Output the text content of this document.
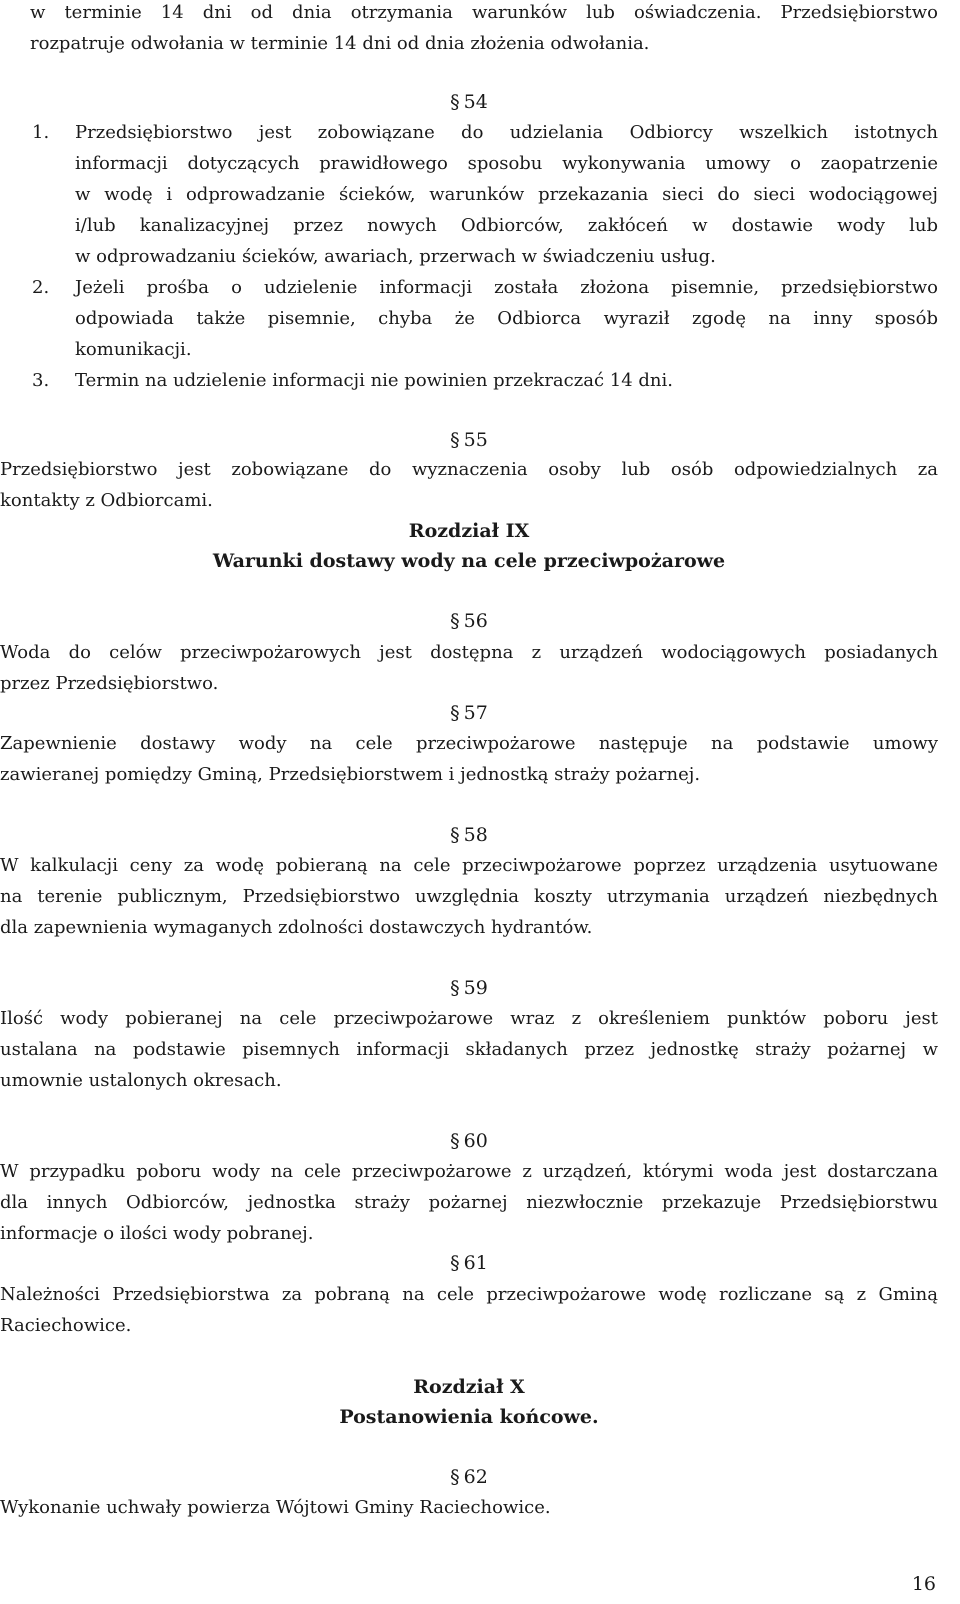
w terminie 14 dni od dnia otrzymania warunków lub oświadczenia. Przedsiębiorstwo
rozpatruje odwołania w terminie 14 dni od dnia złożenia odwołania.
§ 54
1. Przedsiębiorstwo jest zobowiązane do udzielania Odbiorcy wszelkich istotnych
informacji dotyczących prawidłowego sposobu wykonywania umowy o zaopatrzenie
w wodę i odprowadzanie ścieków, warunków przekazania sieci do sieci wodociągowej
i/lub kanalizacyjnej przez nowych Odbiorców, zakłóceń w dostawie wody lub
w odprowadzaniu ścieków, awariach, przerwach w świadczeniu usług.
2. Jeżeli prośba o udzielenie informacji została złożona pisemnie, przedsiębiorstwo
odpowiada także pisemnie, chyba że Odbiorca wyraził zgodę na inny sposób
komunikacji.
3. Termin na udzielenie informacji nie powinien przekraczać 14 dni.
§ 55
Przedsiębiorstwo jest zobowiązane do wyznaczenia osoby lub osób odpowiedzialnych za
kontakty z Odbiorcami.
Rozdział IX
Warunki dostawy wody na cele przeciwpożarowe
§ 56
Woda do celów przeciwpożarowych jest dostępna z urządzeń wodociągowych posiadanych
przez Przedsiębiorstwo.
§ 57
Zapewnienie dostawy wody na cele przeciwpożarowe następuje na podstawie umowy
zawieranej pomiędzy Gminą, Przedsiębiorstwem i jednostką straży pożarnej.
§ 58
W kalkulacji ceny za wodę pobieraną na cele przeciwpożarowe poprzez urządzenia usytuowane
na terenie publicznym, Przedsiębiorstwo uwzględnia koszty utrzymania urządzeń niezbędnych
dla zapewnienia wymaganych zdolności dostawczych hydrantów.
§ 59
Ilość wody pobieranej na cele przeciwpożarowe wraz z określeniem punktów poboru jest
ustalana na podstawie pisemnych informacji składanych przez jednostkę straży pożarnej w
umownie ustalonych okresach.
§ 60
W przypadku poboru wody na cele przeciwpożarowe z urządzeń, którymi woda jest dostarczana
dla innych Odbiorców, jednostka straży pożarnej niezwłocznie przekazuje Przedsiębiorstwu
informacje o ilości wody pobranej.
§ 61
Należności Przedsiębiorstwa za pobraną na cele przeciwpożarowe wodę rozliczane są z Gminą
Raciechowice.
Rozdział X
Postanowienia końcowe.
§ 62
Wykonanie uchwały powierza Wójtowi Gminy Raciechowice.
16
